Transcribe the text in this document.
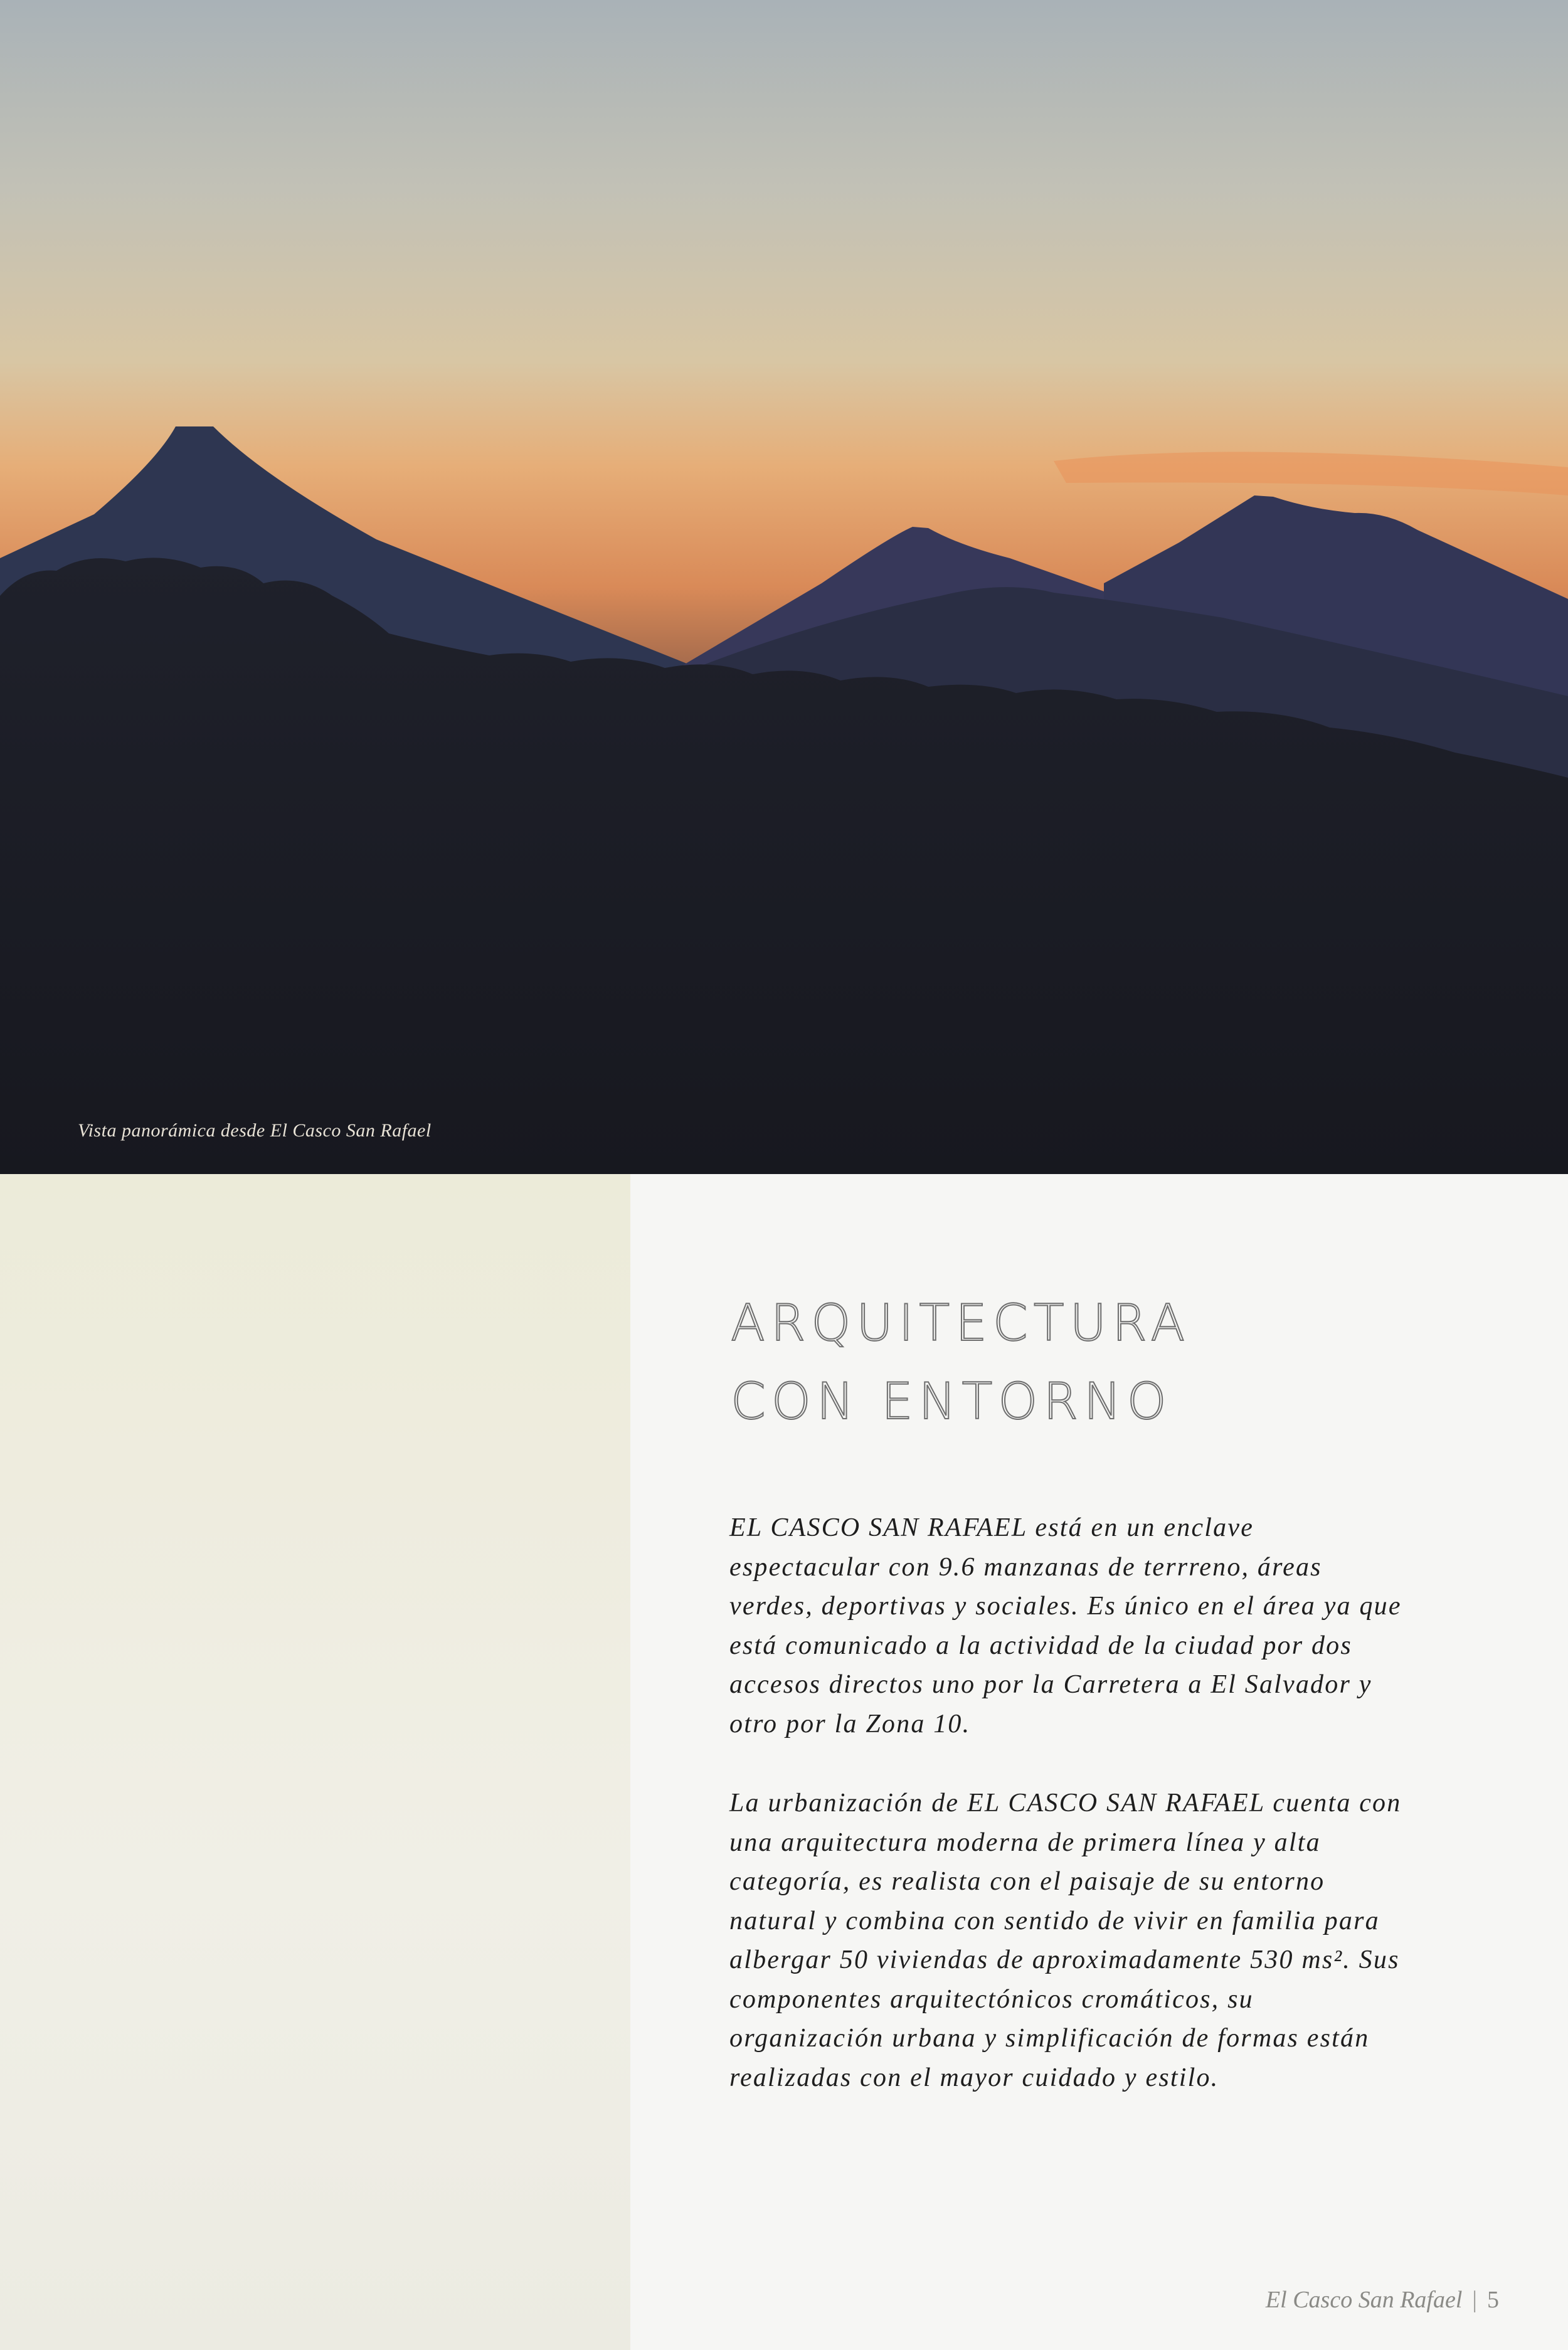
Vista panorámica desde El Casco San Rafael
ARQUITECTURA
CON ENTORNO

EL CASCO SAN RAFAEL está en un enclave espectacular con 9.6 manzanas de terrreno, áreas verdes, deportivas y sociales. Es único en el área ya que está comunicado a la actividad de la ciudad por dos accesos directos uno por la Carretera a El Salvador y otro por la Zona 10.

La urbanización de EL CASCO SAN RAFAEL cuenta con una arquitectura moderna de primera línea y alta categoría, es realista con el paisaje de su entorno natural y combina con sentido de vivir en familia para albergar 50 viviendas de aproximadamente 530 ms². Sus componentes arquitectónicos cromáticos, su organización urbana y simplificación de formas están realizadas con el mayor cuidado y estilo.

El Casco San Rafael | 5
